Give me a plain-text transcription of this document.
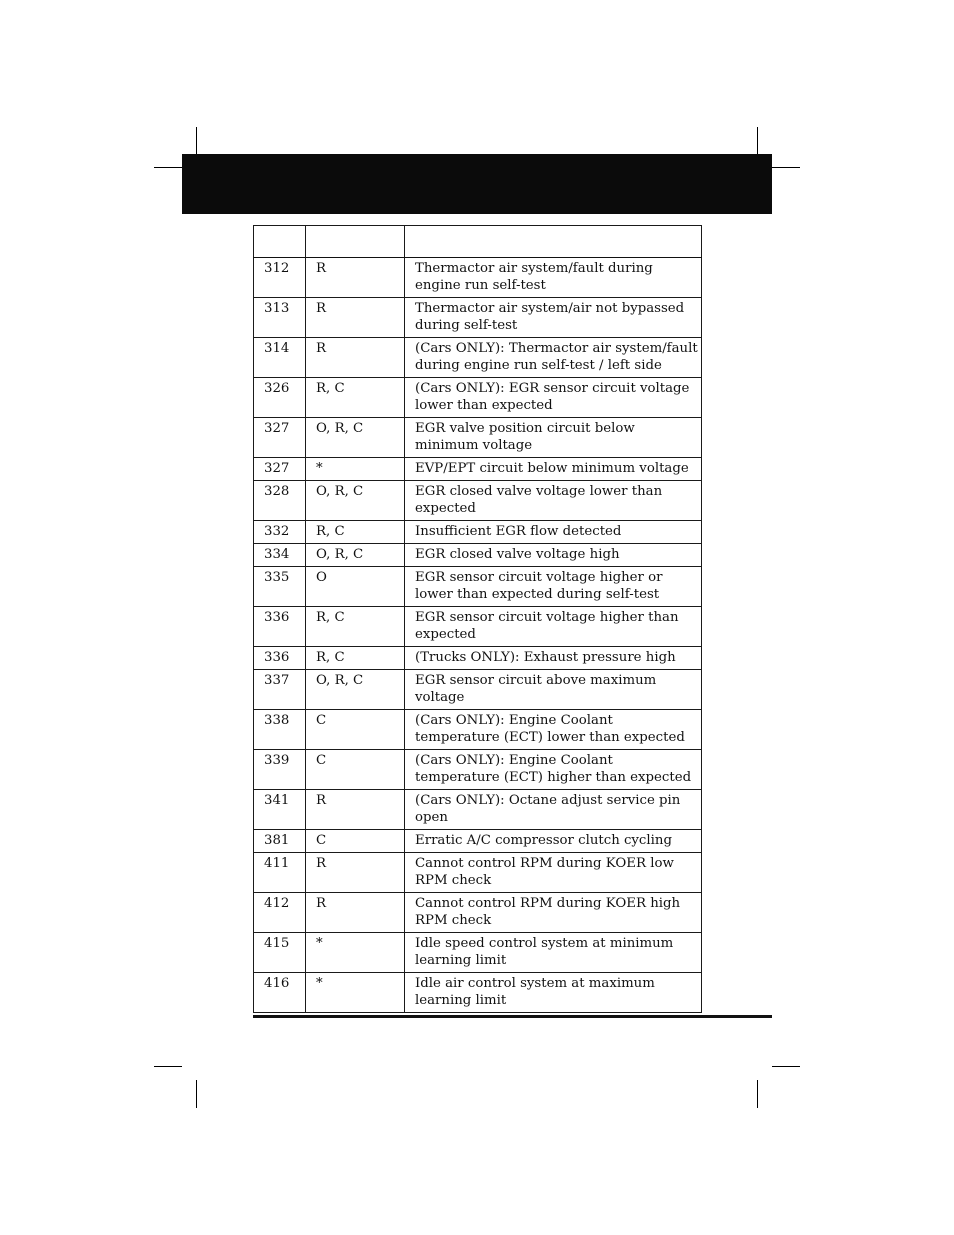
312	R	Thermactor air system/fault during engine run self-test
313	R	Thermactor air system/air not bypassed during self-test
314	R	(Cars ONLY): Thermactor air system/fault during engine run self-test / left side
326	R, C	(Cars ONLY): EGR sensor circuit voltage lower than expected
327	O, R, C	EGR valve position circuit below minimum voltage
327	*	EVP/EPT circuit below minimum voltage
328	O, R, C	EGR closed valve voltage lower than expected
332	R, C	Insufficient EGR flow detected
334	O, R, C	EGR closed valve voltage high
335	O	EGR sensor circuit voltage higher or lower than expected during self-test
336	R, C	EGR sensor circuit voltage higher than expected
336	R, C	(Trucks ONLY): Exhaust pressure high
337	O, R, C	EGR sensor circuit above maximum voltage
338	C	(Cars ONLY): Engine Coolant temperature (ECT) lower than expected
339	C	(Cars ONLY): Engine Coolant temperature (ECT) higher than expected
341	R	(Cars ONLY): Octane adjust service pin open
381	C	Erratic A/C compressor clutch cycling
411	R	Cannot control RPM during KOER low RPM check
412	R	Cannot control RPM during KOER high RPM check
415	*	Idle speed control system at minimum learning limit
416	*	Idle air control system at maximum learning limit
